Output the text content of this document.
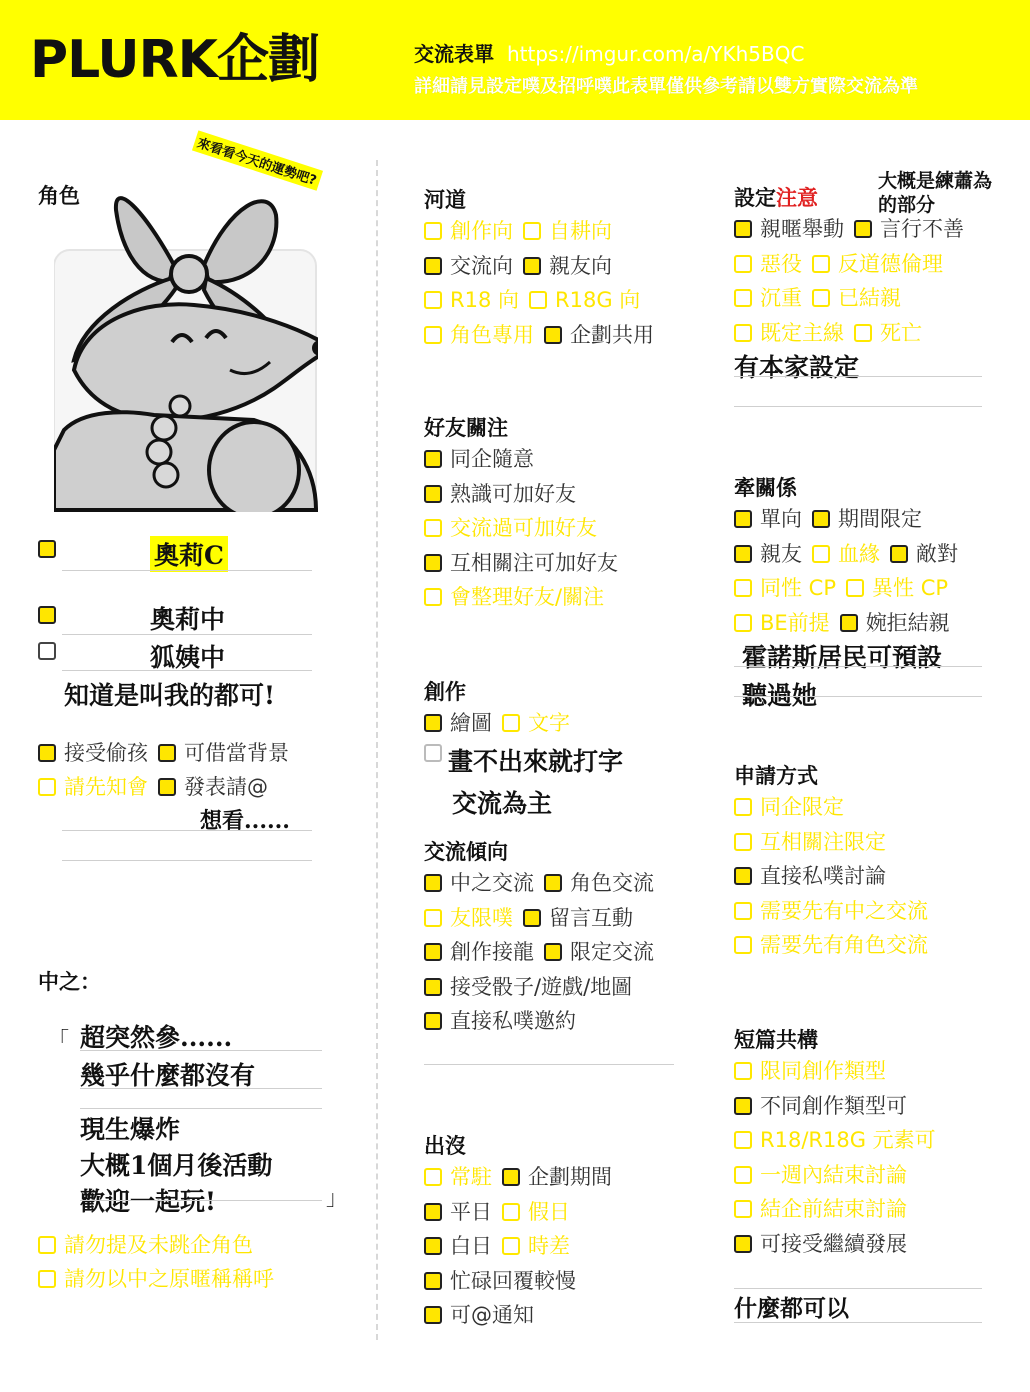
PLURK企劃	交流表單 https://imgur.com/a/YKh5BQC
詳細請見設定噗及招呼噗此表單僅供參考請以雙方實際交流為準
角色
來看看今天的運勢吧?
奧莉C
奧莉中
狐姨中
知道是叫我的都可!
接受偷孩 可借當背景
請先知會 發表請@
想看......
中之：
「 超突然參......
幾乎什麼都沒有
現生爆炸
大概1個月後活動
歡迎一起玩!	」
請勿提及未跳企角色
請勿以中之原暱稱稱呼
河道
創作向 自耕向
交流向 親友向
R18 向 R18G 向
角色專用 企劃共用
好友關注
同企隨意
熟識可加好友
交流過可加好友
互相關注可加好友
會整理好友/關注
創作
繪圖 文字
畫不出來就打字
交流為主
交流傾向
中之交流 角色交流
友限噗 留言互動
創作接龍 限定交流
接受骰子/遊戲/地圖
直接私噗邀約
出沒
常駐 企劃期間
平日 假日
白日 時差
忙碌回覆較慢
可@通知
設定注意
大概是練蕭為
的部分
親暱舉動 言行不善
惡役 反道德倫理
沉重 已結親
既定主線 死亡
有本家設定
牽關係
單向 期間限定
親友 血緣 敵對
同性 CP 異性 CP
BE前提 婉拒結親
霍諾斯居民可預設
聽過她
申請方式
同企限定
互相關注限定
直接私噗討論
需要先有中之交流
需要先有角色交流
短篇共構
限同創作類型
不同創作類型可
R18/R18G 元素可
一週內結束討論
結企前結束討論
可接受繼續發展
什麼都可以
